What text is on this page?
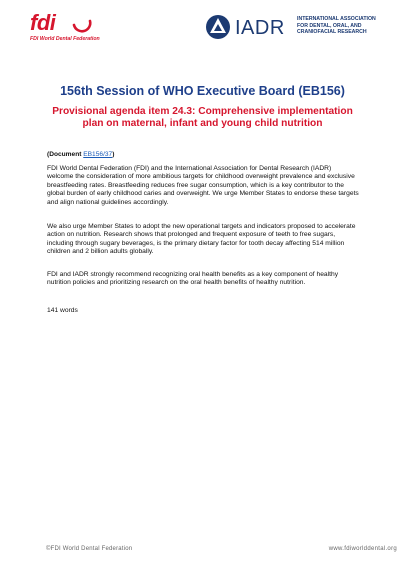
fdi
FDI World Dental Federation	IADR INTERNATIONAL ASSOCIATION
FOR DENTAL, ORAL, AND
CRANIOFACIAL RESEARCH
156th Session of WHO Executive Board (EB156)
Provisional agenda item 24.3: Comprehensive implementation plan on maternal, infant and young child nutrition
(Document EB156/37)

FDI World Dental Federation (FDI) and the International Association for Dental Research (IADR) welcome the consideration of more ambitious targets for childhood overweight prevalence and exclusive breastfeeding rates. Breastfeeding reduces free sugar consumption, which is a key contributor to the global burden of early childhood caries and overweight. We urge Member States to endorse these targets and align national guidelines accordingly.

We also urge Member States to adopt the new operational targets and indicators proposed to accelerate action on nutrition. Research shows that prolonged and frequent exposure of teeth to free sugars, including through sugary beverages, is the primary dietary factor for tooth decay affecting 514 million children and 2 billion adults globally.

FDI and IADR strongly recommend recognizing oral health benefits as a key component of healthy nutrition policies and prioritizing research on the oral health benefits of healthy nutrition.

141 words
©FDI World Dental Federation	www.fdiworlddental.org
